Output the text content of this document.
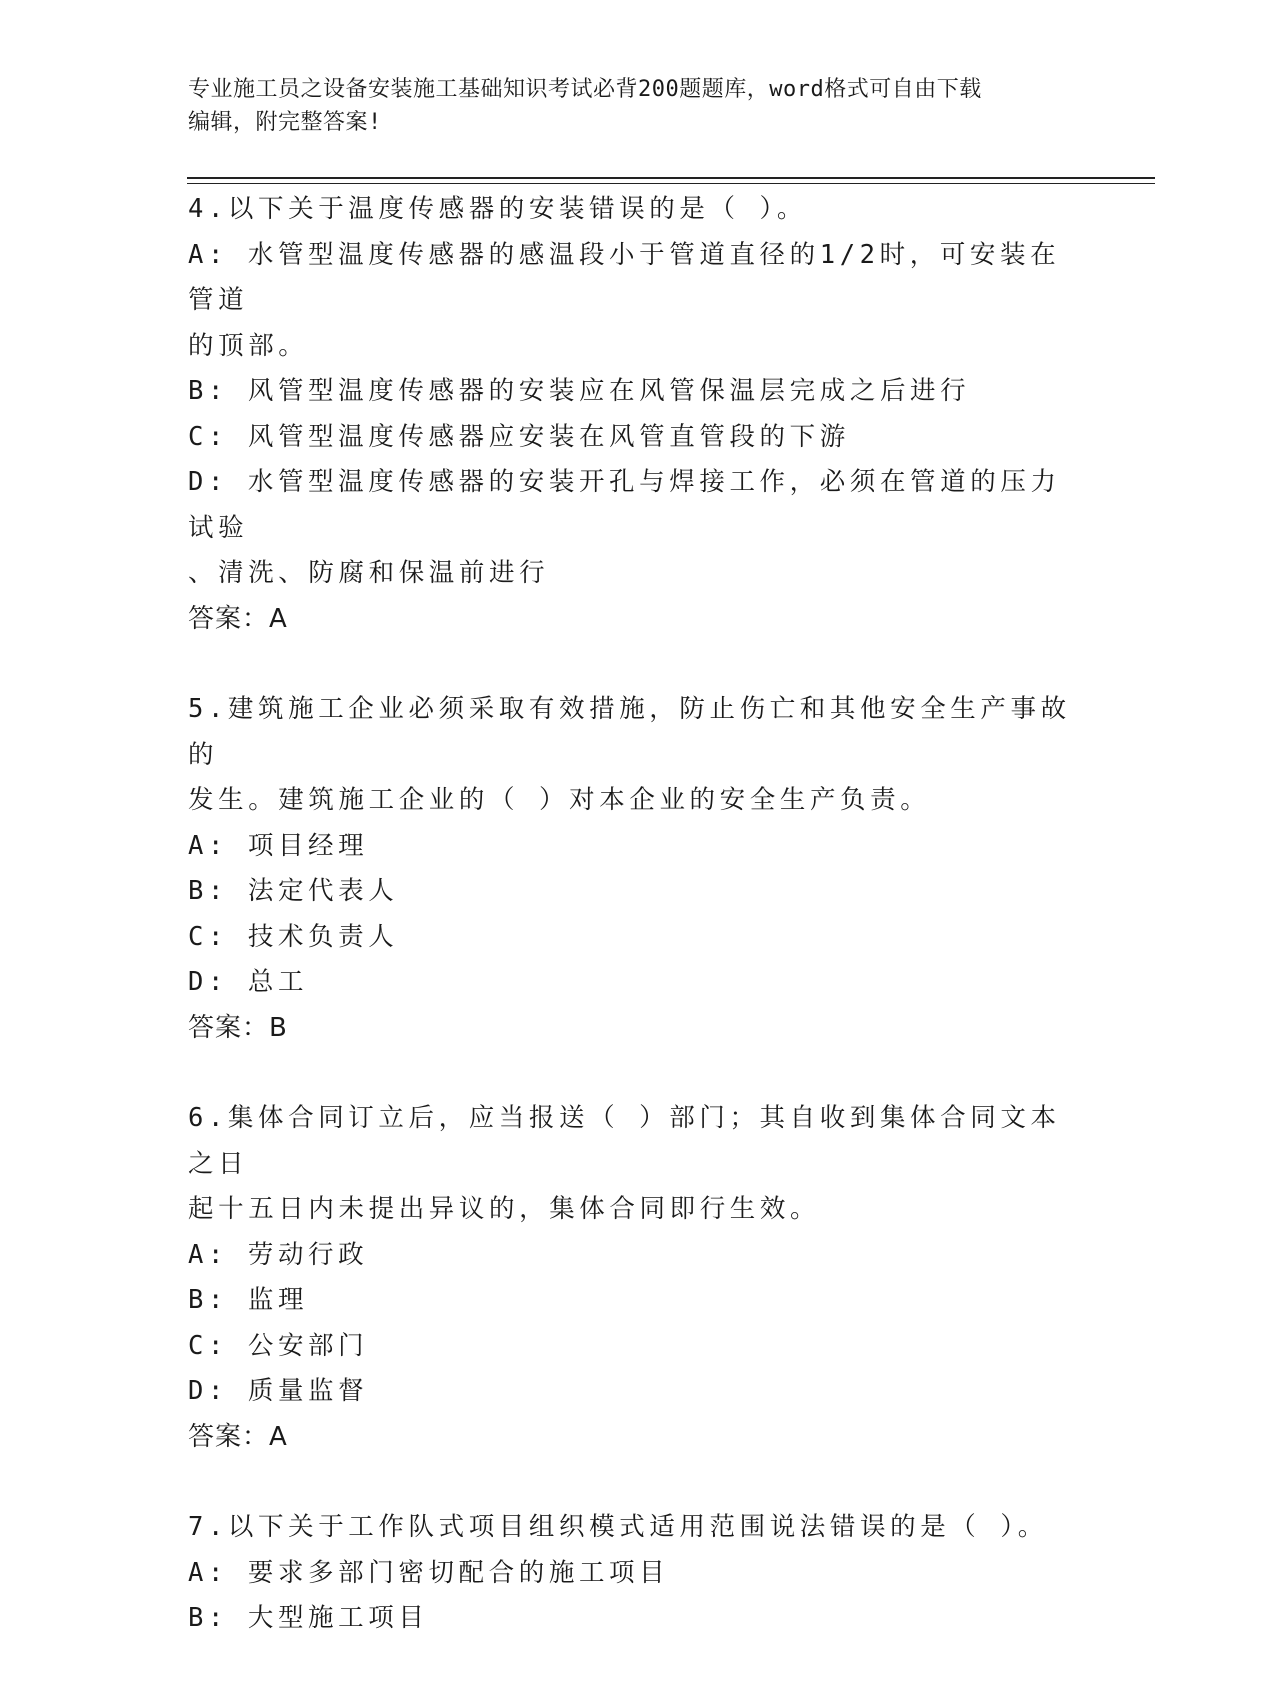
专业施工员之设备安装施工基础知识考试必背200题题库，word格式可自由下载
编辑，附完整答案!
4.以下关于温度传感器的安装错误的是（ ）。
A: 水管型温度传感器的感温段小于管道直径的1/2时，可安装在管道
的顶部。
B: 风管型温度传感器的安装应在风管保温层完成之后进行
C: 风管型温度传感器应安装在风管直管段的下游
D: 水管型温度传感器的安装开孔与焊接工作，必须在管道的压力试验
、清洗、防腐和保温前进行
答案：A
5.建筑施工企业必须采取有效措施，防止伤亡和其他安全生产事故的
发生。建筑施工企业的（ ）对本企业的安全生产负责。
A: 项目经理
B: 法定代表人
C: 技术负责人
D: 总工
答案：B
6.集体合同订立后，应当报送（ ）部门；其自收到集体合同文本之日
起十五日内未提出异议的，集体合同即行生效。
A: 劳动行政
B: 监理
C: 公安部门
D: 质量监督
答案：A
7.以下关于工作队式项目组织模式适用范围说法错误的是（ ）。
A: 要求多部门密切配合的施工项目
B: 大型施工项目
